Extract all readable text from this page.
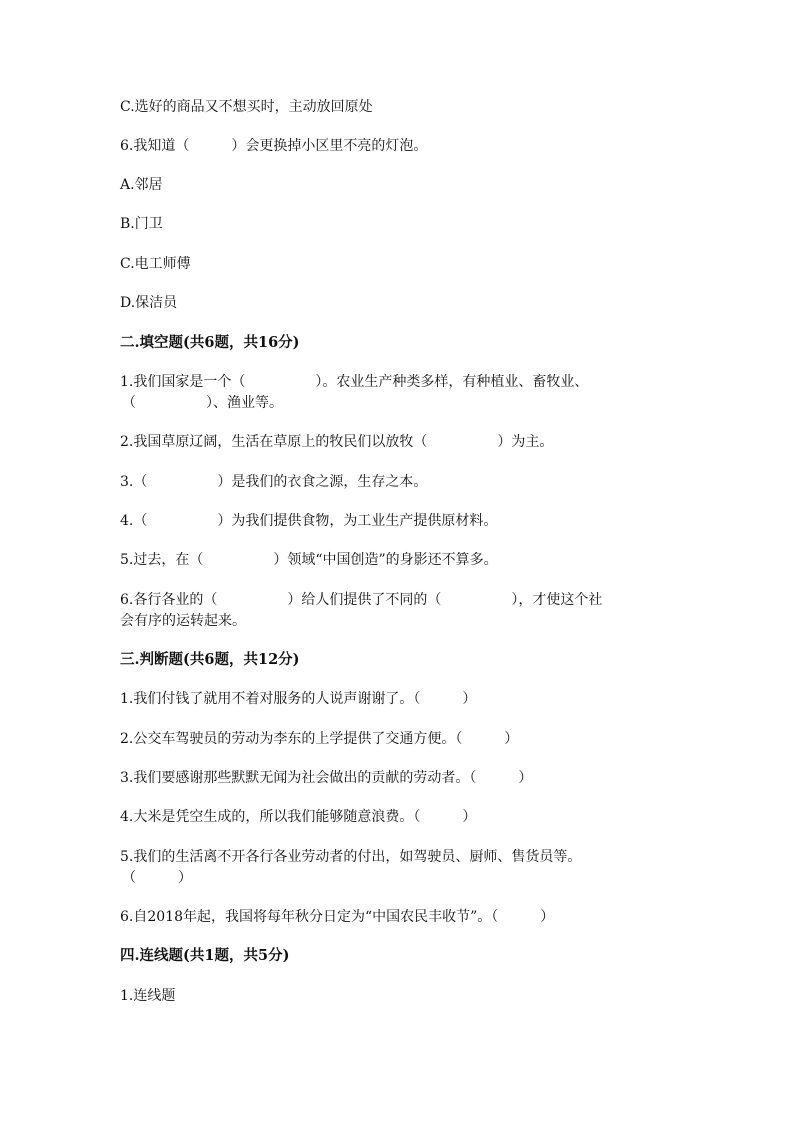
C.选好的商品又不想买时，主动放回原处
6.我知道（　　　）会更换掉小区里不亮的灯泡。
A.邻居
B.门卫
C.电工师傅
D.保洁员
二.填空题(共6题，共16分)
1.我们国家是一个（　　　　　）。农业生产种类多样，有种植业、畜牧业、
（　　　　　）、渔业等。
2.我国草原辽阔，生活在草原上的牧民们以放牧（　　　　　）为主。
3.（　　　　　）是我们的衣食之源，生存之本。
4.（　　　　　）为我们提供食物，为工业生产提供原材料。
5.过去，在（　　　　　）领域“中国创造”的身影还不算多。
6.各行各业的（　　　　　）给人们提供了不同的（　　　　　），才使这个社
会有序的运转起来。
三.判断题(共6题，共12分)
1.我们付钱了就用不着对服务的人说声谢谢了。（　　　）
2.公交车驾驶员的劳动为李东的上学提供了交通方便。（　　　）
3.我们要感谢那些默默无闻为社会做出的贡献的劳动者。（　　　）
4.大米是凭空生成的，所以我们能够随意浪费。（　　　）
5.我们的生活离不开各行各业劳动者的付出，如驾驶员、厨师、售货员等。
（　　　）
6.自2018年起，我国将每年秋分日定为“中国农民丰收节”。（　　　）
四.连线题(共1题，共5分)
1.连线题
